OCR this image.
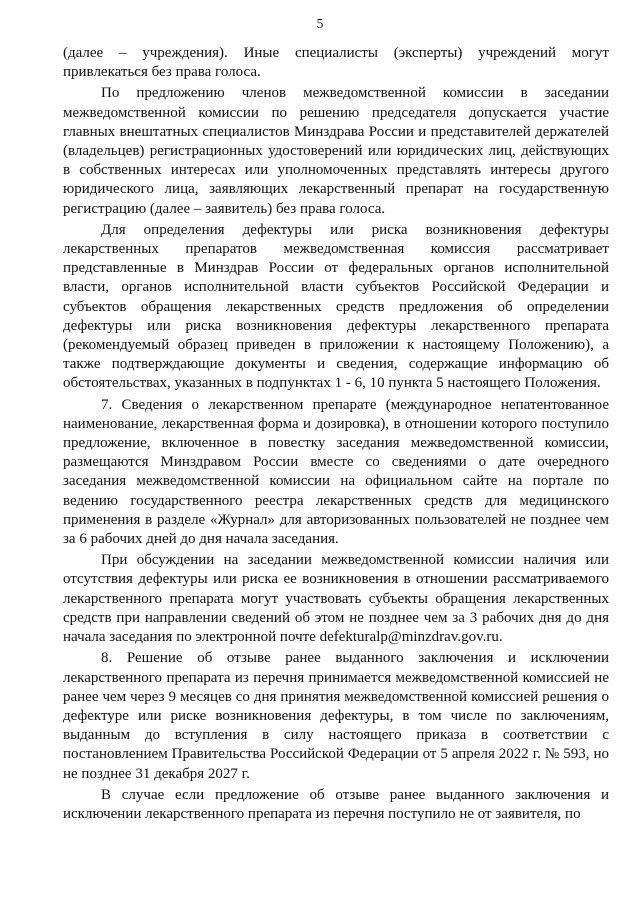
5

(далее – учреждения). Иные специалисты (эксперты) учреждений могут привлекаться без права голоса.

По предложению членов межведомственной комиссии в заседании межведомственной комиссии по решению председателя допускается участие главных внештатных специалистов Минздрава России и представителей держателей (владельцев) регистрационных удостоверений или юридических лиц, действующих в собственных интересах или уполномоченных представлять интересы другого юридического лица, заявляющих лекарственный препарат на государственную регистрацию (далее – заявитель) без права голоса.

Для определения дефектуры или риска возникновения дефектуры лекарственных препаратов межведомственная комиссия рассматривает представленные в Минздрав России от федеральных органов исполнительной власти, органов исполнительной власти субъектов Российской Федерации и субъектов обращения лекарственных средств предложения об определении дефектуры или риска возникновения дефектуры лекарственного препарата (рекомендуемый образец приведен в приложении к настоящему Положению), а также подтверждающие документы и сведения, содержащие информацию об обстоятельствах, указанных в подпунктах 1 - 6, 10 пункта 5 настоящего Положения.

7. Сведения о лекарственном препарате (международное непатентованное наименование, лекарственная форма и дозировка), в отношении которого поступило предложение, включенное в повестку заседания межведомственной комиссии, размещаются Минздравом России вместе со сведениями о дате очередного заседания межведомственной комиссии на официальном сайте на портале по ведению государственного реестра лекарственных средств для медицинского применения в разделе «Журнал» для авторизованных пользователей не позднее чем за 6 рабочих дней до дня начала заседания.

При обсуждении на заседании межведомственной комиссии наличия или отсутствия дефектуры или риска ее возникновения в отношении рассматриваемого лекарственного препарата могут участвовать субъекты обращения лекарственных средств при направлении сведений об этом не позднее чем за 3 рабочих дня до дня начала заседания по электронной почте defekturalp@minzdrav.gov.ru.

8. Решение об отзыве ранее выданного заключения и исключении лекарственного препарата из перечня принимается межведомственной комиссией не ранее чем через 9 месяцев со дня принятия межведомственной комиссией решения о дефектуре или риске возникновения дефектуры, в том числе по заключениям, выданным до вступления в силу настоящего приказа в соответствии с постановлением Правительства Российской Федерации от 5 апреля 2022 г. № 593, но не позднее 31 декабря 2027 г.

В случае если предложение об отзыве ранее выданного заключения и исключении лекарственного препарата из перечня поступило не от заявителя, по
